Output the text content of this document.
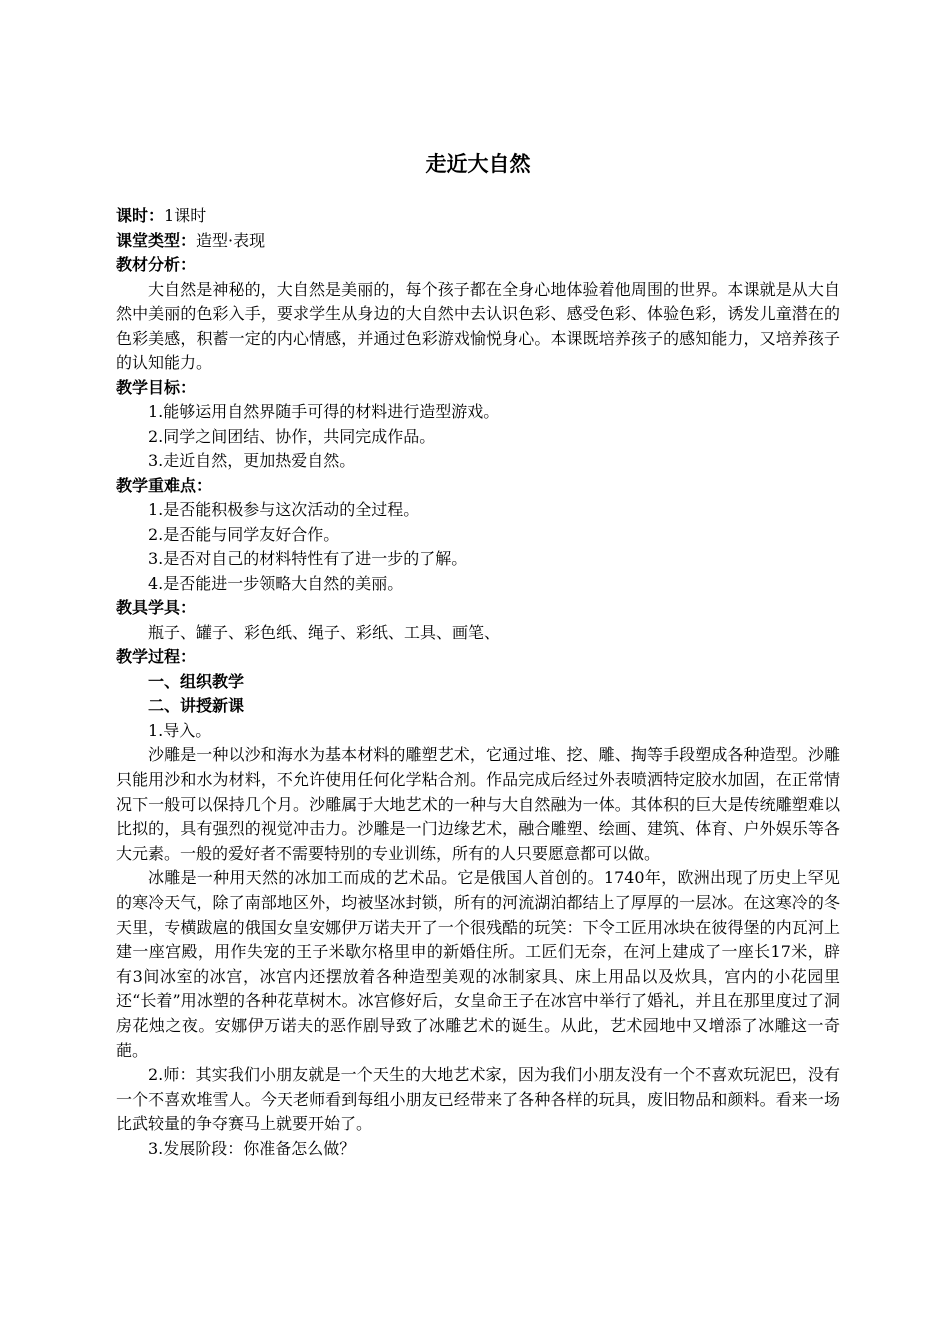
走近大自然

课时：1课时

课堂类型：造型·表现

教材分析：

大自然是神秘的，大自然是美丽的，每个孩子都在全身心地体验着他周围的世界。本课就是从大自然中美丽的色彩入手，要求学生从身边的大自然中去认识色彩、感受色彩、体验色彩，诱发儿童潜在的色彩美感，积蓄一定的内心情感，并通过色彩游戏愉悦身心。本课既培养孩子的感知能力，又培养孩子的认知能力。

教学目标：

1.能够运用自然界随手可得的材料进行造型游戏。

2.同学之间团结、协作，共同完成作品。

3.走近自然，更加热爱自然。

教学重难点：

1.是否能积极参与这次活动的全过程。

2.是否能与同学友好合作。

3.是否对自己的材料特性有了进一步的了解。

4.是否能进一步领略大自然的美丽。

教具学具：

瓶子、罐子、彩色纸、绳子、彩纸、工具、画笔、

教学过程：

一、组织教学

二、讲授新课

1.导入。

沙雕是一种以沙和海水为基本材料的雕塑艺术，它通过堆、挖、雕、掏等手段塑成各种造型。沙雕只能用沙和水为材料，不允许使用任何化学粘合剂。作品完成后经过外表喷洒特定胶水加固，在正常情况下一般可以保持几个月。沙雕属于大地艺术的一种与大自然融为一体。其体积的巨大是传统雕塑难以比拟的，具有强烈的视觉冲击力。沙雕是一门边缘艺术，融合雕塑、绘画、建筑、体育、户外娱乐等各大元素。一般的爱好者不需要特别的专业训练，所有的人只要愿意都可以做。

冰雕是一种用天然的冰加工而成的艺术品。它是俄国人首创的。1740年，欧洲出现了历史上罕见的寒冷天气，除了南部地区外，均被坚冰封锁，所有的河流湖泊都结上了厚厚的一层冰。在这寒冷的冬天里，专横跋扈的俄国女皇安娜伊万诺夫开了一个很残酷的玩笑：下令工匠用冰块在彼得堡的内瓦河上建一座宫殿，用作失宠的王子米歇尔格里申的新婚住所。工匠们无奈，在河上建成了一座长17米，辟有3间冰室的冰宫，冰宫内还摆放着各种造型美观的冰制家具、床上用品以及炊具，宫内的小花园里还“长着”用冰塑的各种花草树木。冰宫修好后，女皇命王子在冰宫中举行了婚礼，并且在那里度过了洞房花烛之夜。安娜伊万诺夫的恶作剧导致了冰雕艺术的诞生。从此，艺术园地中又增添了冰雕这一奇葩。

2.师：其实我们小朋友就是一个天生的大地艺术家，因为我们小朋友没有一个不喜欢玩泥巴，没有一个不喜欢堆雪人。今天老师看到每组小朋友已经带来了各种各样的玩具，废旧物品和颜料。看来一场比武较量的争夺赛马上就要开始了。

3.发展阶段：你准备怎么做？
